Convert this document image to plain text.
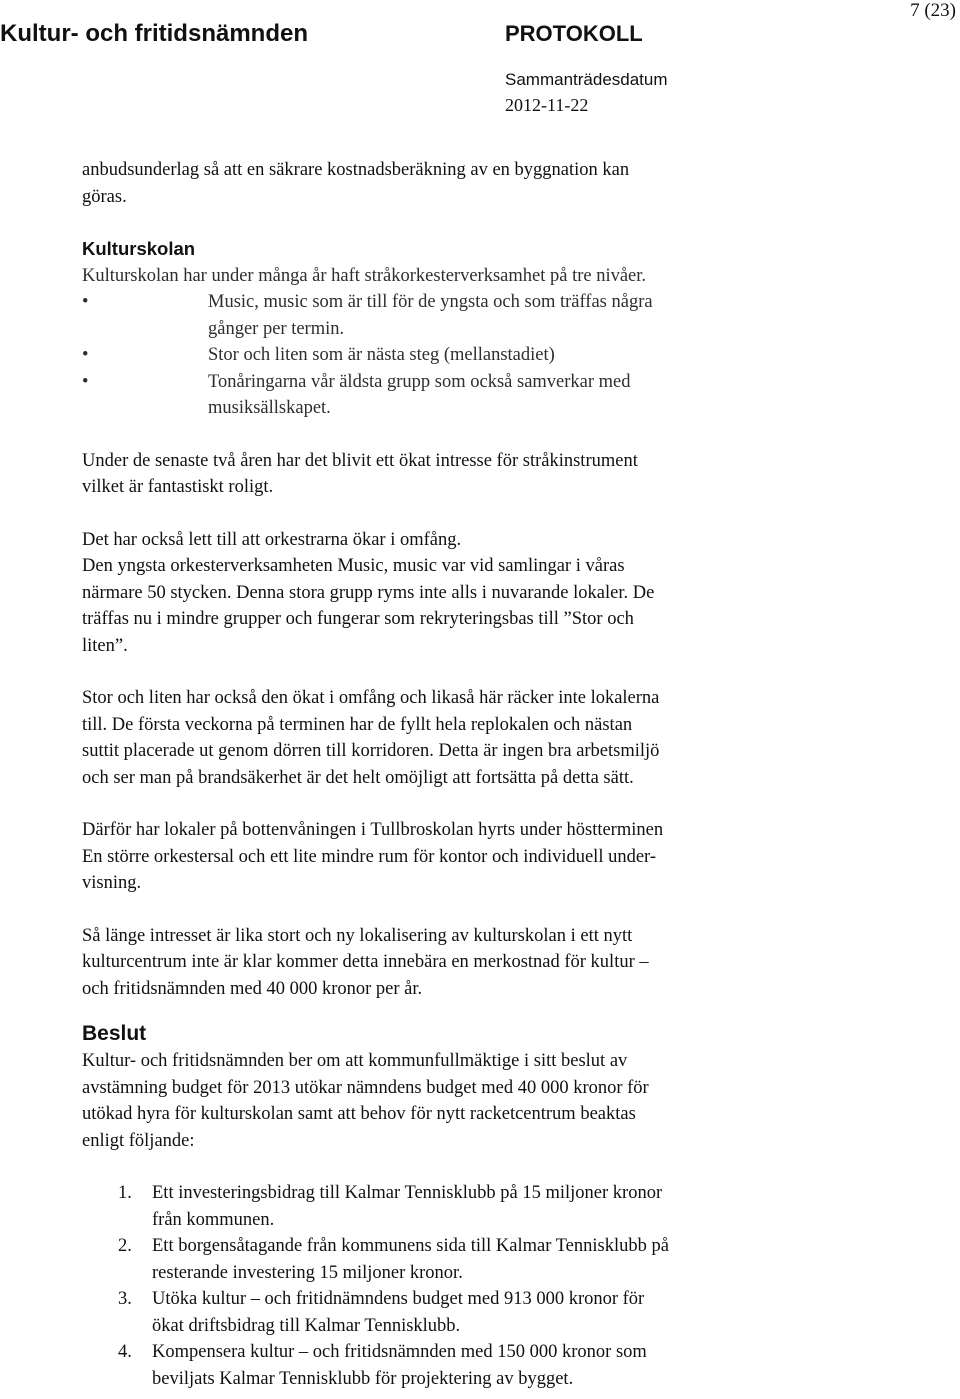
Kultur- och fritidsnämnden	PROTOKOLL
7 (23)
Sammanträdesdatum
2012-11-22

anbudsunderlag så att en säkrare kostnadsberäkning av en byggnation kan
göras.

Kulturskolan

Kulturskolan har under många år haft stråkorkesterverksamhet på tre nivåer.

•	Music, music som är till för de yngsta och som träffas några
gånger per termin.
•	Stor och liten som är nästa steg (mellanstadiet)
•	Tonåringarna vår äldsta grupp som också samverkar med
musiksällskapet.

Under de senaste två åren har det blivit ett ökat intresse för stråkinstrument
vilket är fantastiskt roligt.

Det har också lett till att orkestrarna ökar i omfång.
Den yngsta orkesterverksamheten Music, music var vid samlingar i våras
närmare 50 stycken. Denna stora grupp ryms inte alls i nuvarande lokaler. De
träffas nu i mindre grupper och fungerar som rekryteringsbas till ”Stor och
liten”.

Stor och liten har också den ökat i omfång och likaså här räcker inte lokalerna
till. De första veckorna på terminen har de fyllt hela replokalen och nästan
suttit placerade ut genom dörren till korridoren. Detta är ingen bra arbetsmiljö
och ser man på brandsäkerhet är det helt omöjligt att fortsätta på detta sätt.

Därför har lokaler på bottenvåningen i Tullbroskolan hyrts under höstterminen
En större orkestersal och ett lite mindre rum för kontor och individuell under-
visning.

Så länge intresset är lika stort och ny lokalisering av kulturskolan i ett nytt
kulturcentrum inte är klar kommer detta innebära en merkostnad för kultur –
och fritidsnämnden med 40 000 kronor per år.

Beslut

Kultur- och fritidsnämnden ber om att kommunfullmäktige i sitt beslut av
avstämning budget för 2013 utökar nämndens budget med 40 000 kronor för
utökad hyra för kulturskolan samt att behov för nytt racketcentrum beaktas
enligt följande:

1. Ett investeringsbidrag till Kalmar Tennisklubb på 15 miljoner kronor
från kommunen.
2. Ett borgensåtagande från kommunens sida till Kalmar Tennisklubb på
resterande investering 15 miljoner kronor.
3. Utöka kultur – och fritidnämndens budget med 913 000 kronor för
ökat driftsbidrag till Kalmar Tennisklubb.
4. Kompensera kultur – och fritidsnämnden med 150 000 kronor som
beviljats Kalmar Tennisklubb för projektering av bygget.
